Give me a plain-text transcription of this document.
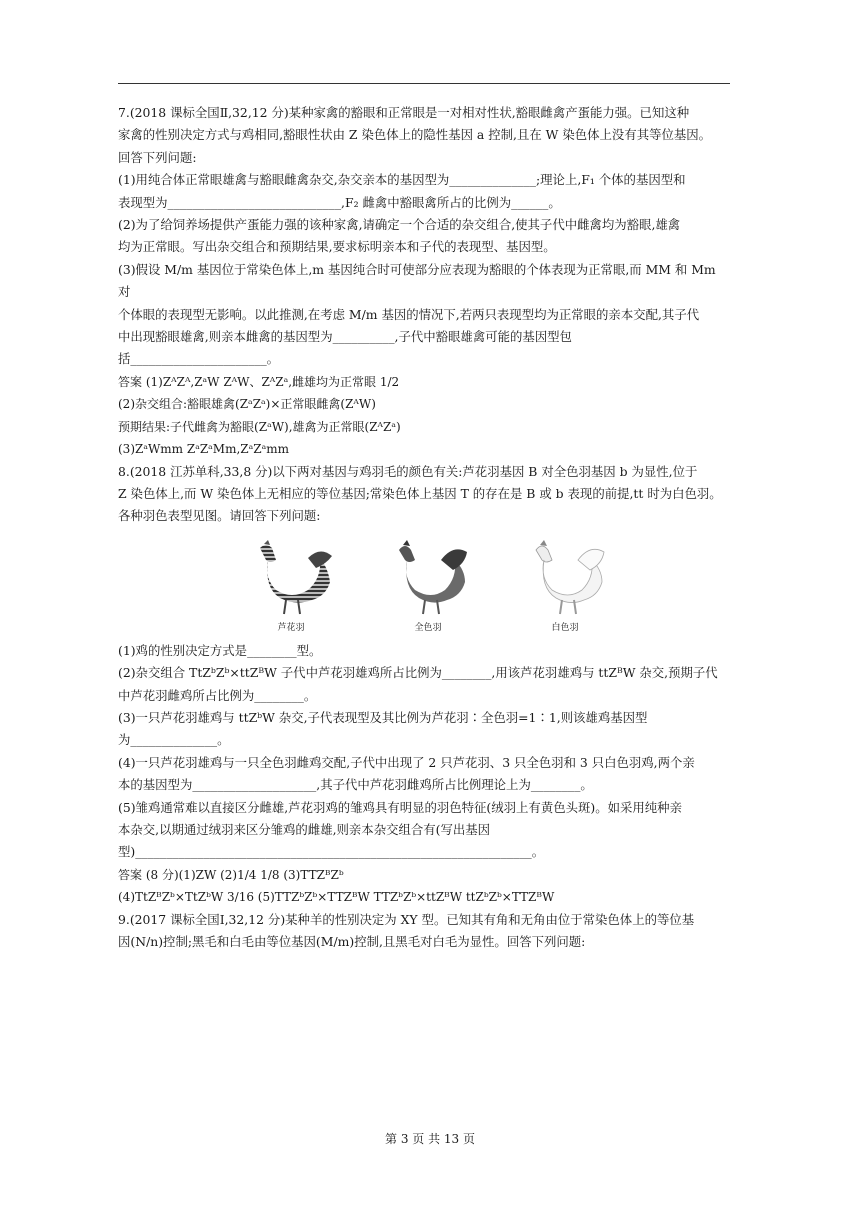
7.(2018 课标全国Ⅱ,32,12 分)某种家禽的豁眼和正常眼是一对相对性状,豁眼雌禽产蛋能力强。已知这种

家禽的性别决定方式与鸡相同,豁眼性状由 Z 染色体上的隐性基因 a 控制,且在 W 染色体上没有其等位基因。

回答下列问题:

(1)用纯合体正常眼雄禽与豁眼雌禽杂交,杂交亲本的基因型为______________;理论上,F₁ 个体的基因型和

表现型为____________________________,F₂ 雌禽中豁眼禽所占的比例为______。

(2)为了给饲养场提供产蛋能力强的该种家禽,请确定一个合适的杂交组合,使其子代中雌禽均为豁眼,雄禽

均为正常眼。写出杂交组合和预期结果,要求标明亲本和子代的表现型、基因型。

(3)假设 M/m 基因位于常染色体上,m 基因纯合时可使部分应表现为豁眼的个体表现为正常眼,而 MM 和 Mm 对

个体眼的表现型无影响。以此推测,在考虑 M/m 基因的情况下,若两只表现型均为正常眼的亲本交配,其子代

中出现豁眼雄禽,则亲本雌禽的基因型为__________,子代中豁眼雄禽可能的基因型包

括______________________。

答案 (1)ZᴬZᴬ,ZᵃW ZᴬW、ZᴬZᵃ,雌雄均为正常眼 1/2

(2)杂交组合:豁眼雄禽(ZᵃZᵃ)×正常眼雌禽(ZᴬW)

预期结果:子代雌禽为豁眼(ZᵃW),雄禽为正常眼(ZᴬZᵃ)

(3)ZᵃWmm ZᵃZᵃMm,ZᵃZᵃmm

8.(2018 江苏单科,33,8 分)以下两对基因与鸡羽毛的颜色有关:芦花羽基因 B 对全色羽基因 b 为显性,位于

Z 染色体上,而 W 染色体上无相应的等位基因;常染色体上基因 T 的存在是 B 或 b 表现的前提,tt 时为白色羽。

各种羽色表型见图。请回答下列问题:

芦花羽	全色羽	白色羽

(1)鸡的性别决定方式是________型。

(2)杂交组合 TtZᵇZᵇ×ttZᴮW 子代中芦花羽雄鸡所占比例为________,用该芦花羽雄鸡与 ttZᴮW 杂交,预期子代

中芦花羽雌鸡所占比例为________。

(3)一只芦花羽雄鸡与 ttZᵇW 杂交,子代表现型及其比例为芦花羽∶全色羽=1∶1,则该雄鸡基因型

为______________。

(4)一只芦花羽雄鸡与一只全色羽雌鸡交配,子代中出现了 2 只芦花羽、3 只全色羽和 3 只白色羽鸡,两个亲

本的基因型为____________________,其子代中芦花羽雌鸡所占比例理论上为________。

(5)雏鸡通常难以直接区分雌雄,芦花羽鸡的雏鸡具有明显的羽色特征(绒羽上有黄色头斑)。如采用纯种亲

本杂交,以期通过绒羽来区分雏鸡的雌雄,则亲本杂交组合有(写出基因

型)________________________________________________________________。

答案 (8 分)(1)ZW (2)1/4 1/8 (3)TTZᴮZᵇ

(4)TtZᴮZᵇ×TtZᵇW 3/16 (5)TTZᵇZᵇ×TTZᴮW TTZᵇZᵇ×ttZᴮW ttZᵇZᵇ×TTZᴮW

9.(2017 课标全国Ⅰ,32,12 分)某种羊的性别决定为 XY 型。已知其有角和无角由位于常染色体上的等位基

因(N/n)控制;黑毛和白毛由等位基因(M/m)控制,且黑毛对白毛为显性。回答下列问题:

第 3 页 共 13 页
